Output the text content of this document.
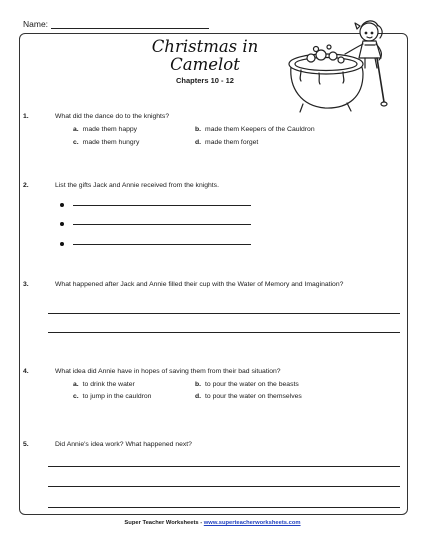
Name:
Christmas in
Camelot
Chapters 10 - 12
1.	What did the dance do to the knights?
a. made them happy	b. made them Keepers of the Cauldron
c. made them hungry	d. made them forget
2.	List the gifts Jack and Annie received from the knights.
3.	What happened after Jack and Annie filled their cup with the Water of Memory and Imagination?
4.	What idea did Annie have in hopes of saving them from their bad situation?
a. to drink the water	b. to pour the water on the beasts
c. to jump in the cauldron	d. to pour the water on themselves
5.	Did Annie's idea work? What happened next?
Super Teacher Worksheets - www.superteacherworksheets.com
